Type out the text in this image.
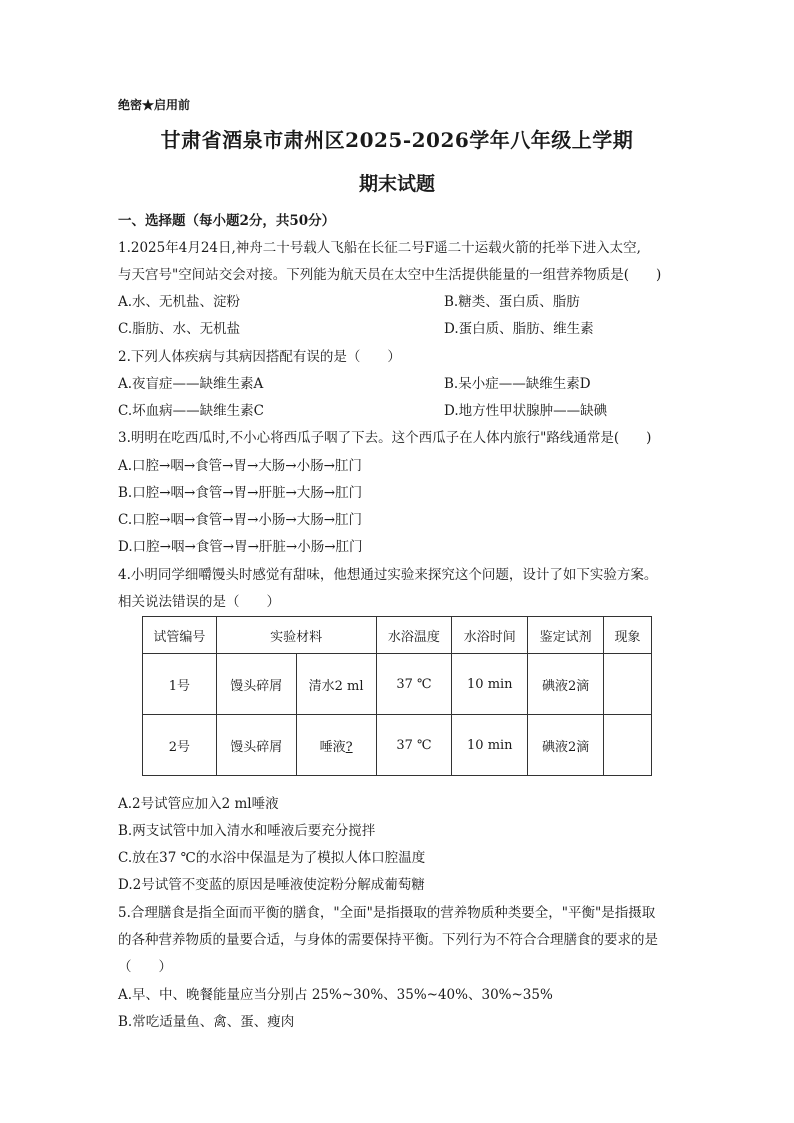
绝密★启用前
甘肃省酒泉市肃州区2025-2026学年八年级上学期
期末试题
一、选择题（每小题2分，共50分）
1.2025年4月24日,神舟二十号载人飞船在长征二号F遥二十运载火箭的托举下进入太空,
与天宫号"空间站交会对接。下列能为航天员在太空中生活提供能量的一组营养物质是(　　)
A.水、无机盐、淀粉	B.糖类、蛋白质、脂肪
C.脂肪、水、无机盐	D.蛋白质、脂肪、维生素
2.下列人体疾病与其病因搭配有误的是（　　）
A.夜盲症——缺维生素A	B.呆小症——缺维生素D
C.坏血病——缺维生素C	D.地方性甲状腺肿——缺碘
3.明明在吃西瓜时,不小心将西瓜子咽了下去。这个西瓜子在人体内旅行"路线通常是(　　)
A.口腔→咽→食管→胃→大肠→小肠→肛门
B.口腔→咽→食管→胃→肝脏→大肠→肛门
C.口腔→咽→食管→胃→小肠→大肠→肛门
D.口腔→咽→食管→胃→肝脏→小肠→肛门
4.小明同学细嚼馒头时感觉有甜味，他想通过实验来探究这个问题，设计了如下实验方案。
相关说法错误的是（　　）
试管编号	实验材料		水浴温度	水浴时间	鉴定试剂	现象
1号	馒头碎屑	清水2 ml	37 ℃	10 min	碘液2滴	
2号	馒头碎屑	唾液?	37 ℃	10 min	碘液2滴	
A.2号试管应加入2 ml唾液
B.两支试管中加入清水和唾液后要充分搅拌
C.放在37 ℃的水浴中保温是为了模拟人体口腔温度
D.2号试管不变蓝的原因是唾液使淀粉分解成葡萄糖
5.合理膳食是指全面而平衡的膳食，"全面"是指摄取的营养物质种类要全，"平衡"是指摄取
的各种营养物质的量要合适，与身体的需要保持平衡。下列行为不符合合理膳食的要求的是
（　　）
A.早、中、晚餐能量应当分别占 25%~30%、35%~40%、30%~35%
B.常吃适量鱼、禽、蛋、瘦肉
